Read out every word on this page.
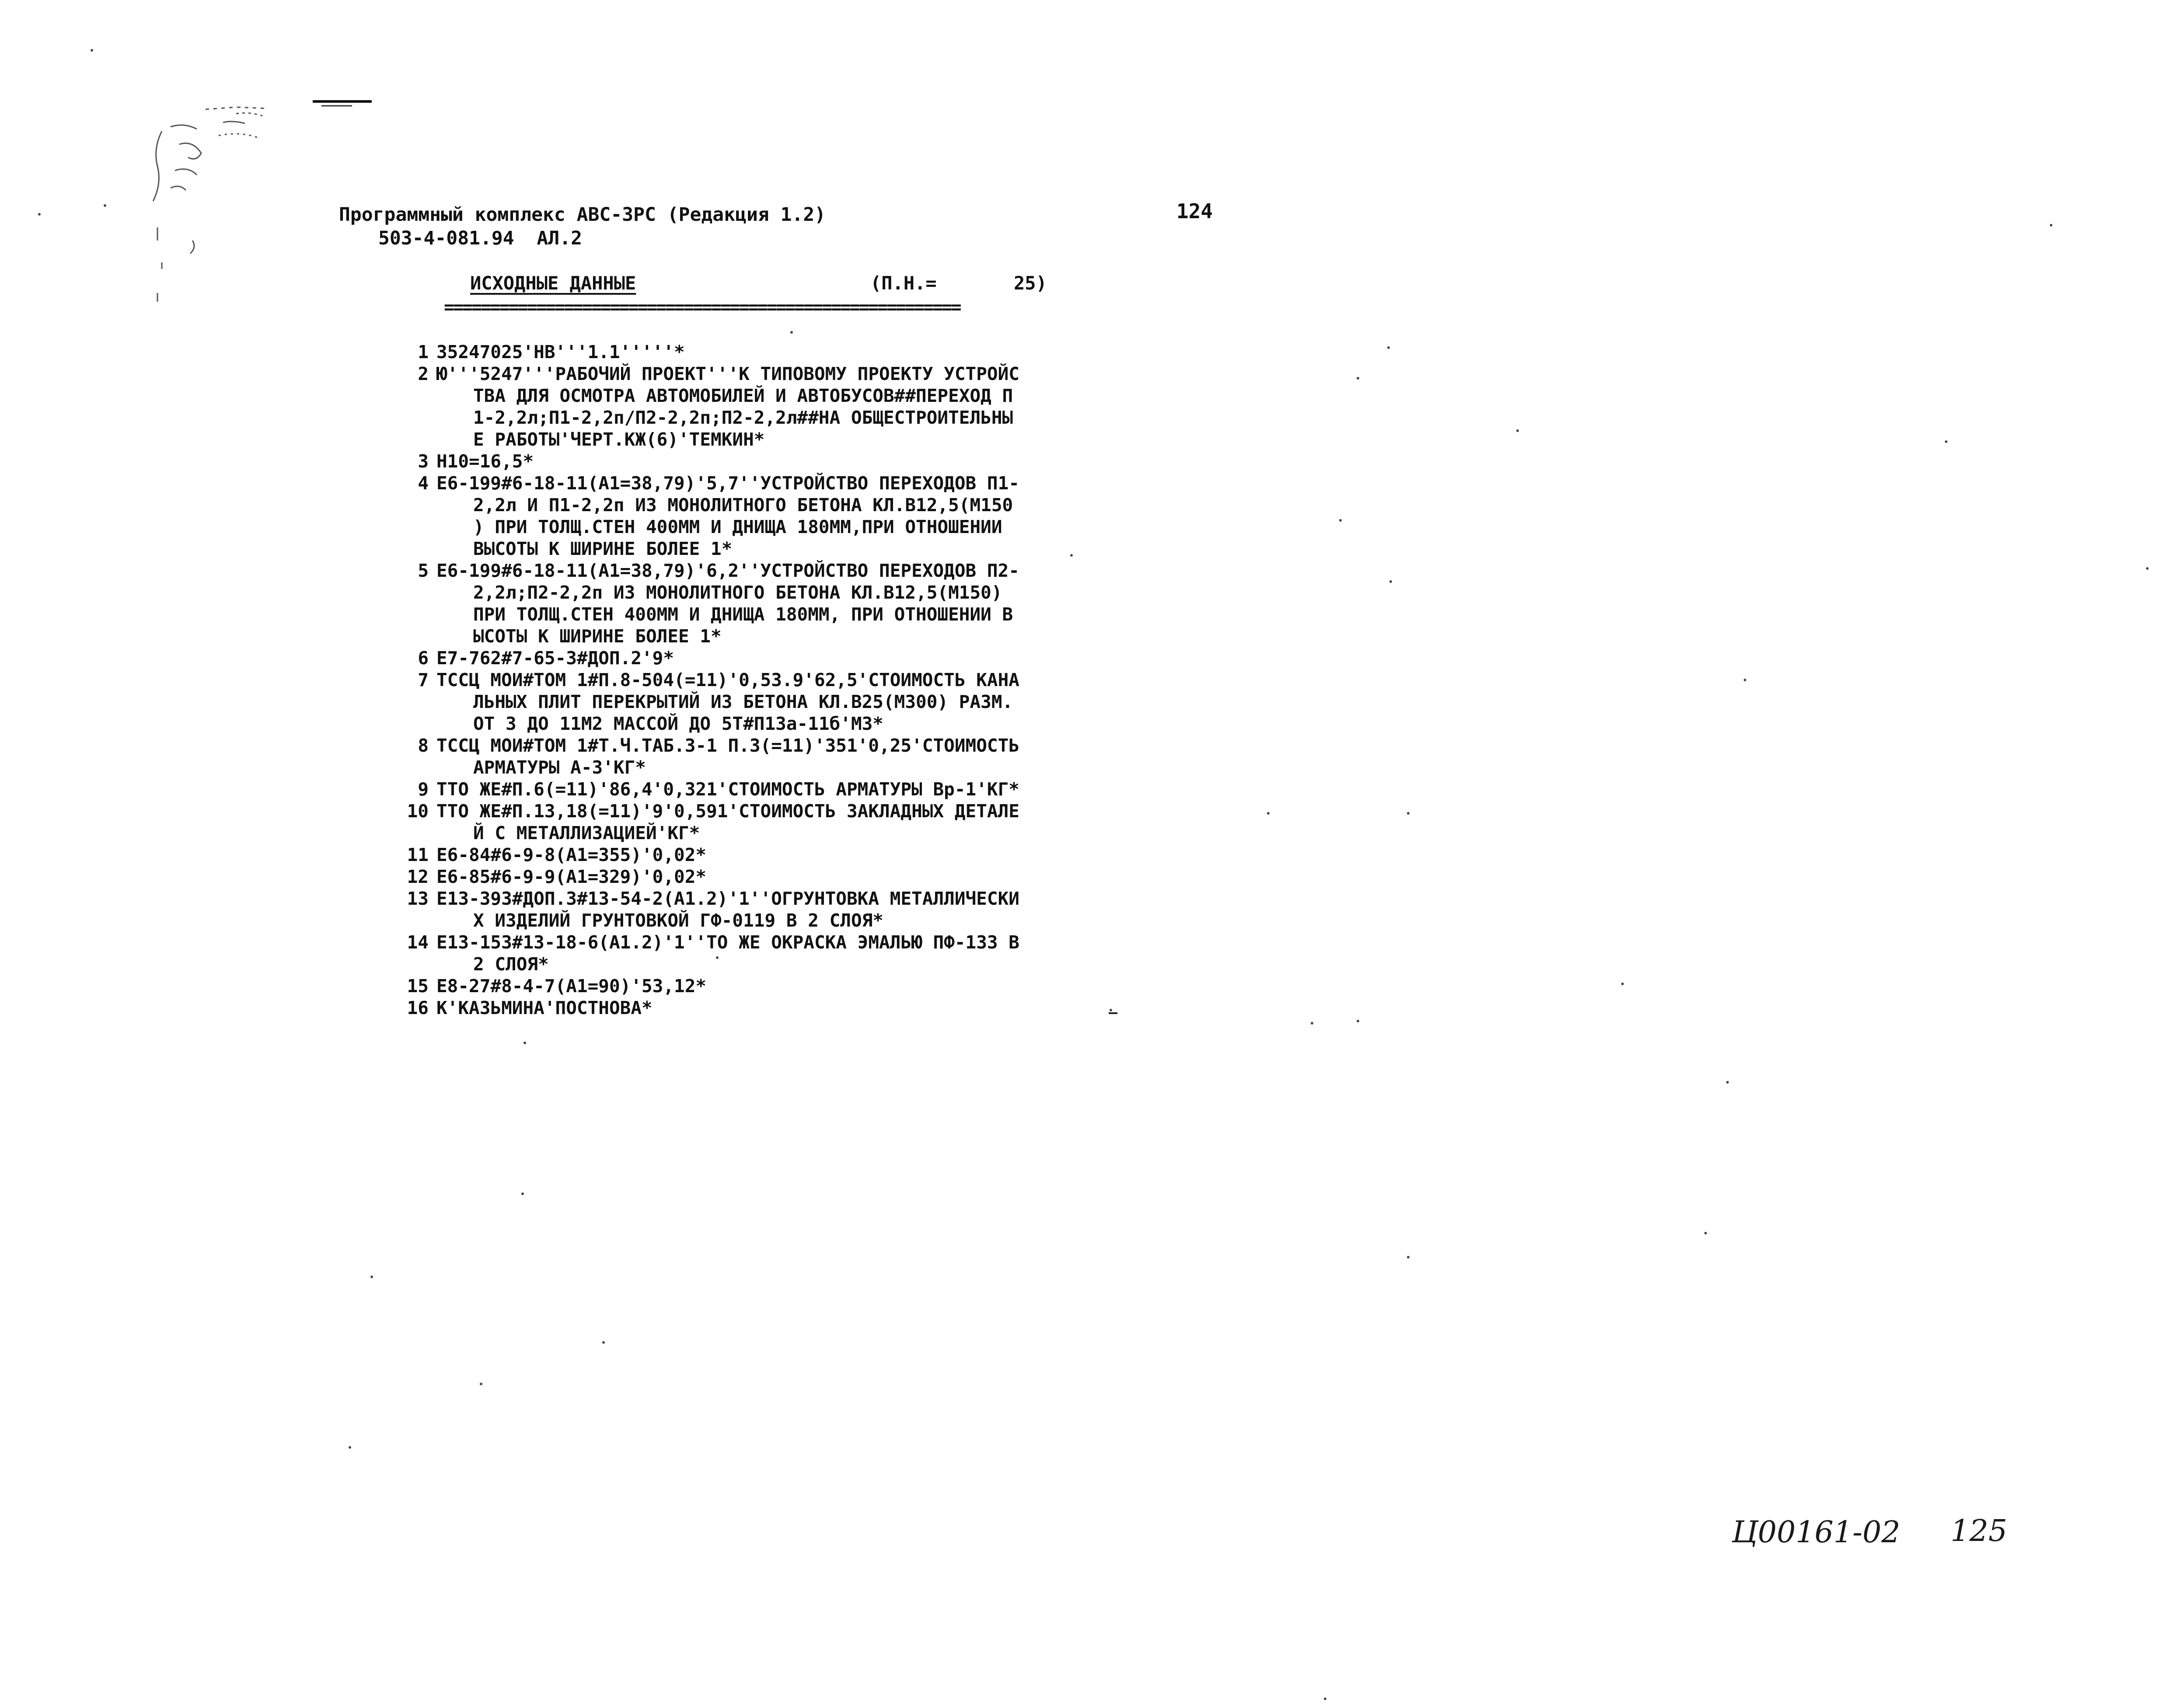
Программный комплекс АВС-3РС (Редакция 1.2)
503-4-081.94  АЛ.2
124
ИСХОДНЫЕ ДАННЫЕ	(П.Н.=	25)
========================================================
1 35247025'НВ'''1.1'''''*
2 Ю'''5247'''РАБОЧИЙ ПРОЕКТ'''К ТИПОВОМУ ПРОЕКТУ УСТРОЙС
ТВА ДЛЯ ОСМОТРА АВТОМОБИЛЕЙ И АВТОБУСОВ##ПЕРЕХОД П
1-2,2л;П1-2,2п/П2-2,2п;П2-2,2л##НА ОБЩЕСТРОИТЕЛЬНЫ
Е РАБОТЫ'ЧЕРТ.КЖ(6)'ТЕМКИН*
3 Н10=16,5*
4 Е6-199#6-18-11(А1=38,79)'5,7''УСТРОЙСТВО ПЕРЕХОДОВ П1-
2,2л И П1-2,2п ИЗ МОНОЛИТНОГО БЕТОНА КЛ.В12,5(М150
) ПРИ ТОЛЩ.СТЕН 400ММ И ДНИЩА 180ММ,ПРИ ОТНОШЕНИИ
ВЫСОТЫ К ШИРИНЕ БОЛЕЕ 1*
5 Е6-199#6-18-11(А1=38,79)'6,2''УСТРОЙСТВО ПЕРЕХОДОВ П2-
2,2л;П2-2,2п ИЗ МОНОЛИТНОГО БЕТОНА КЛ.В12,5(М150)
ПРИ ТОЛЩ.СТЕН 400ММ И ДНИЩА 180ММ, ПРИ ОТНОШЕНИИ В
ЫСОТЫ К ШИРИНЕ БОЛЕЕ 1*
6 Е7-762#7-65-3#ДОП.2'9*
7 ТССЦ МОИ#ТОМ 1#П.8-504(=11)'0,53.9'62,5'СТОИМОСТЬ КАНА
ЛЬНЫХ ПЛИТ ПЕРЕКРЫТИЙ ИЗ БЕТОНА КЛ.В25(М300) РАЗМ.
ОТ 3 ДО 11М2 МАССОЙ ДО 5Т#П13а-11б'М3*
8 ТССЦ МОИ#ТОМ 1#Т.Ч.ТАБ.3-1 П.3(=11)'351'0,25'СТОИМОСТЬ
АРМАТУРЫ А-3'КГ*
9 ТТО ЖЕ#П.6(=11)'86,4'0,321'СТОИМОСТЬ АРМАТУРЫ Вр-1'КГ*
10 ТТО ЖЕ#П.13,18(=11)'9'0,591'СТОИМОСТЬ ЗАКЛАДНЫХ ДЕТАЛЕ
Й С МЕТАЛЛИЗАЦИЕЙ'КГ*
11 Е6-84#6-9-8(А1=355)'0,02*
12 Е6-85#6-9-9(А1=329)'0,02*
13 Е13-393#ДОП.3#13-54-2(А1.2)'1''ОГРУНТОВКА МЕТАЛЛИЧЕСКИ
Х ИЗДЕЛИЙ ГРУНТОВКОЙ ГФ-0119 В 2 СЛОЯ*
14 Е13-153#13-18-6(А1.2)'1''ТО ЖЕ ОКРАСКА ЭМАЛЬЮ ПФ-133 В
2 СЛОЯ*
15 Е8-27#8-4-7(А1=90)'53,12*
16 К'КАЗЬМИНА'ПОСТНОВА*
Ц00161-02 125
